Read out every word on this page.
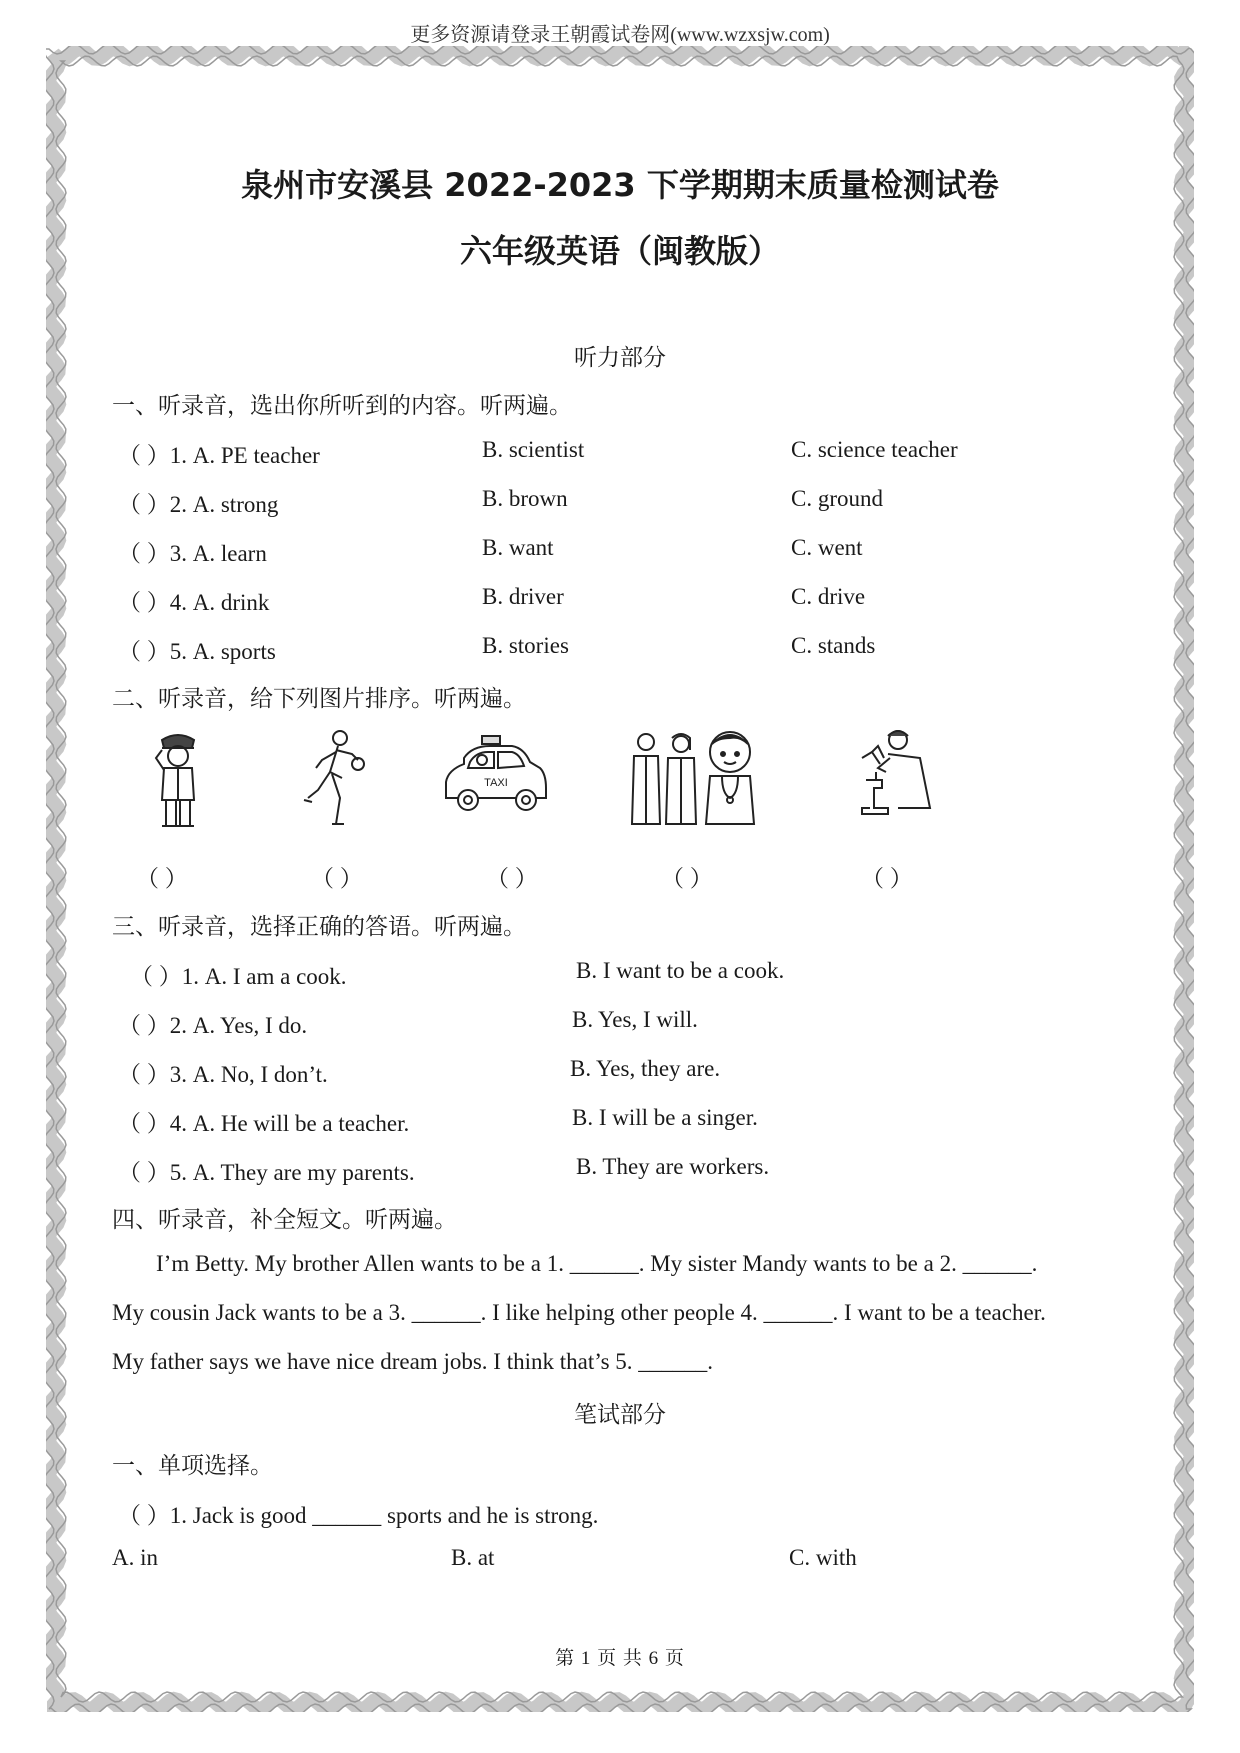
更多资源请登录王朝霞试卷网(www.wzxsjw.com)
泉州市安溪县 2022-2023 下学期期末质量检测试卷
六年级英语（闽教版）
听力部分
一、听录音，选出你所听到的内容。听两遍。
（ ）1. A. PE teacher	B. scientist	C. science teacher
（ ）2. A. strong	B. brown	C. ground
（ ）3. A. learn	B. want	C. went
（ ）4. A. drink	B. driver	C. drive
（ ）5. A. sports	B. stories	C. stands
二、听录音，给下列图片排序。听两遍。
TAXI
（ ）	（ ）	（ ）	（ ）	（ ）
三、听录音，选择正确的答语。听两遍。
（ ）1. A. I am a cook.	B. I want to be a cook.
（ ）2. A. Yes, I do.	B. Yes, I will.
（ ）3. A. No, I don’t.	B. Yes, they are.
（ ）4. A. He will be a teacher.	B. I will be a singer.
（ ）5. A. They are my parents.	B. They are workers.
四、听录音，补全短文。听两遍。
I’m Betty. My brother Allen wants to be a 1. ______. My sister Mandy wants to be a 2. ______.
My cousin Jack wants to be a 3. ______. I like helping other people 4. ______. I want to be a teacher.
My father says we have nice dream jobs. I think that’s 5. ______.
笔试部分
一、单项选择。
（ ）1. Jack is good ______ sports and he is strong.
A. in	B. at	C. with
第 1 页 共 6 页
